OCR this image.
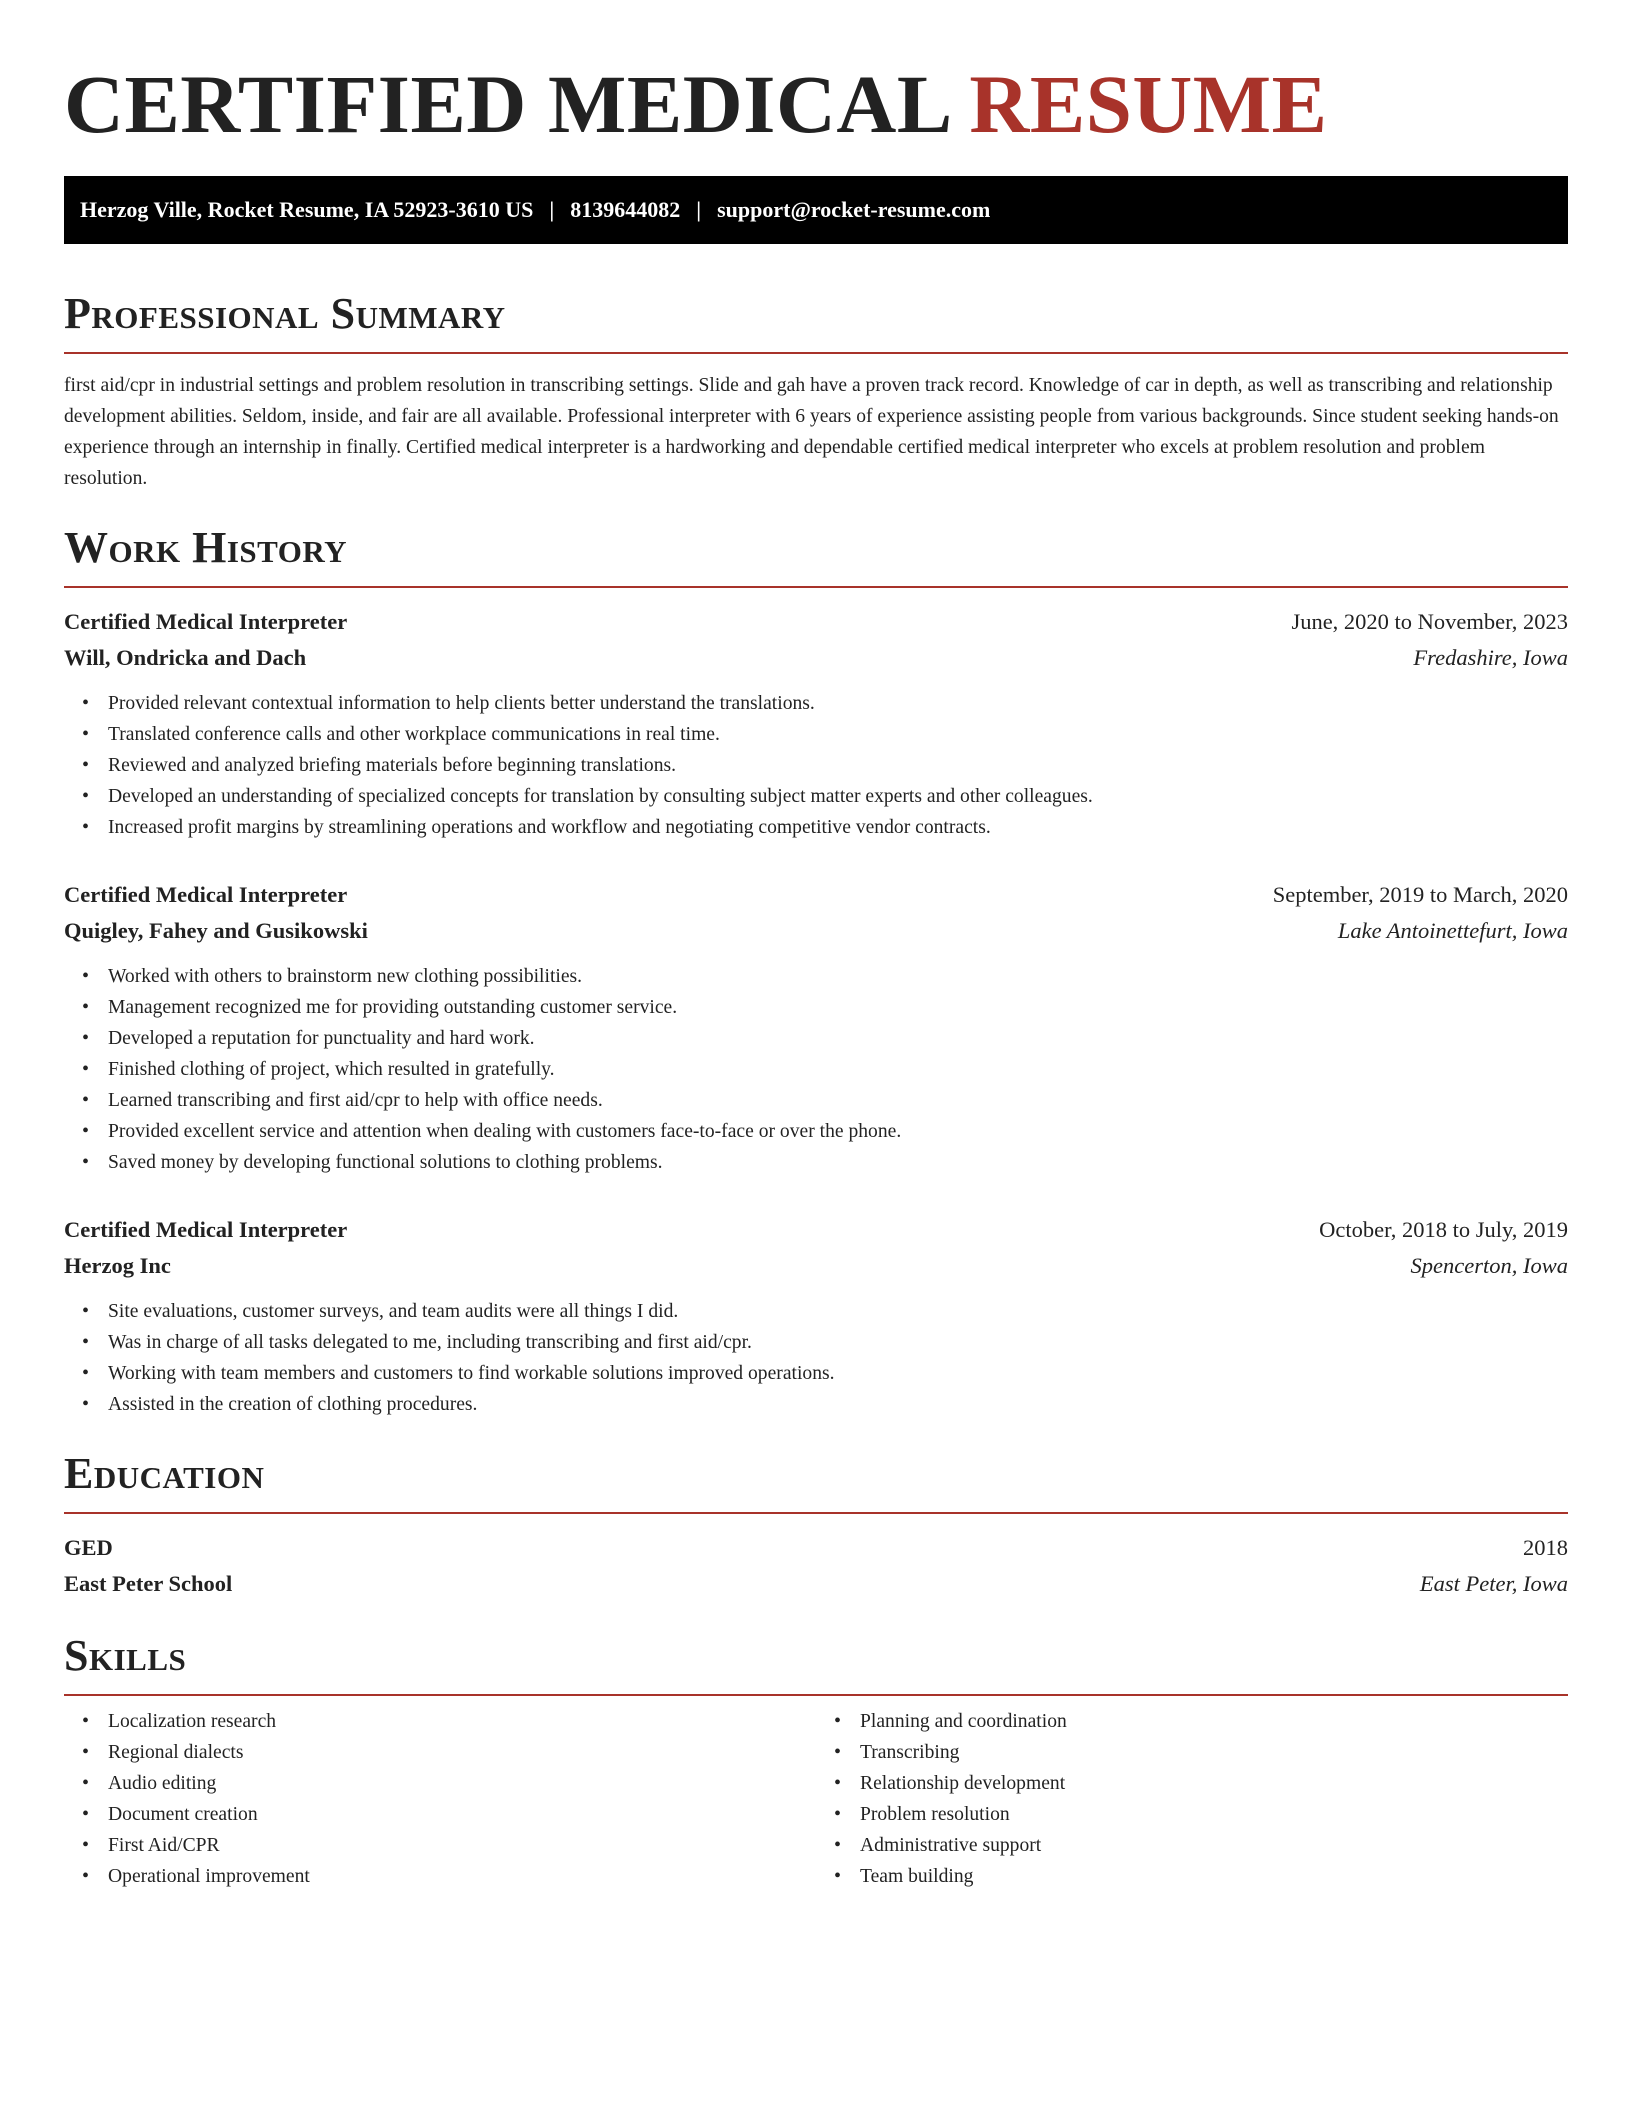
CERTIFIED MEDICAL RESUME
Herzog Ville, Rocket Resume, IA 52923-3610 US | 8139644082 | support@rocket-resume.com
Professional Summary

first aid/cpr in industrial settings and problem resolution in transcribing settings. Slide and gah have a proven track record. Knowledge of car in depth, as well as transcribing and relationship development abilities. Seldom, inside, and fair are all available. Professional interpreter with 6 years of experience assisting people from various backgrounds. Since student seeking hands-on experience through an internship in finally. Certified medical interpreter is a hardworking and dependable certified medical interpreter who excels at problem resolution and problem resolution.

Work History
Certified Medical Interpreter	June, 2020 to November, 2023
Will, Ondricka and Dach	Fredashire, Iowa
• Provided relevant contextual information to help clients better understand the translations.
• Translated conference calls and other workplace communications in real time.
• Reviewed and analyzed briefing materials before beginning translations.
• Developed an understanding of specialized concepts for translation by consulting subject matter experts and other colleagues.
• Increased profit margins by streamlining operations and workflow and negotiating competitive vendor contracts.
Certified Medical Interpreter	September, 2019 to March, 2020
Quigley, Fahey and Gusikowski	Lake Antoinettefurt, Iowa
• Worked with others to brainstorm new clothing possibilities.
• Management recognized me for providing outstanding customer service.
• Developed a reputation for punctuality and hard work.
• Finished clothing of project, which resulted in gratefully.
• Learned transcribing and first aid/cpr to help with office needs.
• Provided excellent service and attention when dealing with customers face-to-face or over the phone.
• Saved money by developing functional solutions to clothing problems.
Certified Medical Interpreter	October, 2018 to July, 2019
Herzog Inc	Spencerton, Iowa
• Site evaluations, customer surveys, and team audits were all things I did.
• Was in charge of all tasks delegated to me, including transcribing and first aid/cpr.
• Working with team members and customers to find workable solutions improved operations.
• Assisted in the creation of clothing procedures.
Education
GED	2018
East Peter School	East Peter, Iowa
Skills
• Localization research
• Regional dialects
• Audio editing
• Document creation
• First Aid/CPR
• Operational improvement
• Planning and coordination
• Transcribing
• Relationship development
• Problem resolution
• Administrative support
• Team building
